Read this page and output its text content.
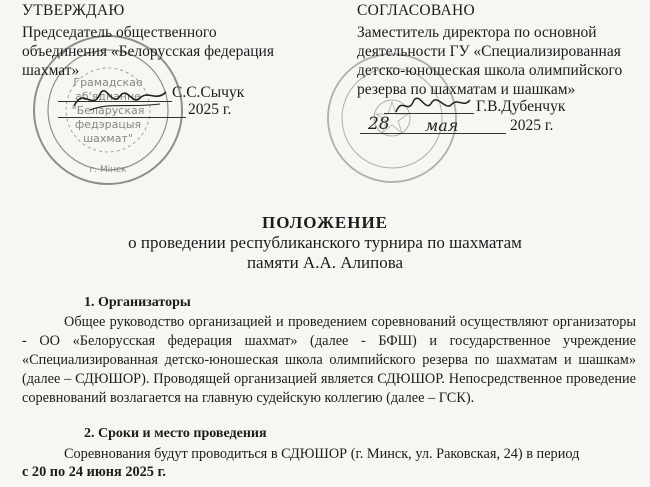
Грамадскае
аб'яднанне
"Беларуская
федэрацыя
шахмат"
г. Мінск
УТВЕРЖДАЮ
Председатель общественного
объединения «Белорусская федерация
шахмат»
С.С.Сычук
2025 г.
СОГЛАСОВАНО
Заместитель директора по основной
деятельности ГУ «Специализированная
детско-юношеская школа олимпийского
резерва по шахматам и шашкам»
Г.В.Дубенчук
28 мая	2025 г.
ПОЛОЖЕНИЕ
о проведении республиканского турнира по шахматам
памяти А.А. Алипова
1. Организаторы

Общее руководство организацией и проведением соревнований осуществляют организаторы - ОО «Белорусская федерация шахмат» (далее - БФШ) и государственное учреждение «Специализированная детско-юношеская школа олимпийского резерва по шахматам и шашкам» (далее – СДЮШОР). Проводящей организацией является СДЮШОР. Непосредственное проведение соревнований возлагается на главную судейскую коллегию (далее – ГСК).

2. Сроки и место проведения
Соревнования будут проводиться в СДЮШОР (г. Минск, ул. Раковская, 24) в период
с 20 по 24 июня 2025 г.
